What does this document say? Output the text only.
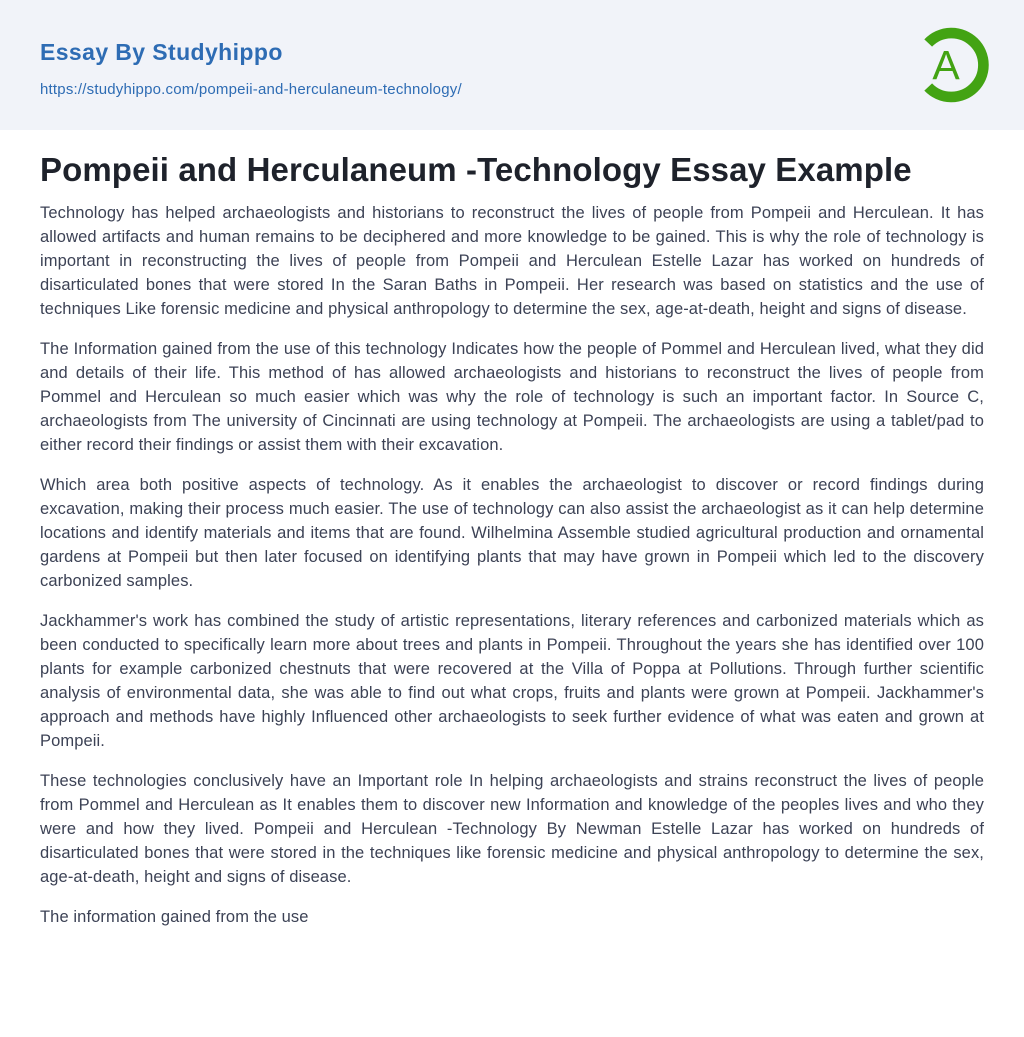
Essay By Studyhippo
https://studyhippo.com/pompeii-and-herculaneum-technology/
A
Pompeii and Herculaneum -Technology Essay Example

Technology has helped archaeologists and historians to reconstruct the lives of people from Pompeii and Herculean. It has allowed artifacts and human remains to be deciphered and more knowledge to be gained. This is why the role of technology is important in reconstructing the lives of people from Pompeii and Herculean Estelle Lazar has worked on hundreds of disarticulated bones that were stored In the Saran Baths in Pompeii. Her research was based on statistics and the use of techniques Like forensic medicine and physical anthropology to determine the sex, age-at-death, height and signs of disease.

The Information gained from the use of this technology Indicates how the people of Pommel and Herculean lived, what they did and details of their life. This method of has allowed archaeologists and historians to reconstruct the lives of people from Pommel and Herculean so much easier which was why the role of technology is such an important factor. In Source C, archaeologists from The university of Cincinnati are using technology at Pompeii. The archaeologists are using a tablet/pad to either record their findings or assist them with their excavation.

Which area both positive aspects of technology. As it enables the archaeologist to discover or record findings during excavation, making their process much easier. The use of technology can also assist the archaeologist as it can help determine locations and identify materials and items that are found. Wilhelmina Assemble studied agricultural production and ornamental gardens at Pompeii but then later focused on identifying plants that may have grown in Pompeii which led to the discovery carbonized samples.

Jackhammer's work has combined the study of artistic representations, literary references and carbonized materials which as been conducted to specifically learn more about trees and plants in Pompeii. Throughout the years she has identified over 100 plants for example carbonized chestnuts that were recovered at the Villa of Poppa at Pollutions. Through further scientific analysis of environmental data, she was able to find out what crops, fruits and plants were grown at Pompeii. Jackhammer's approach and methods have highly Influenced other archaeologists to seek further evidence of what was eaten and grown at Pompeii.

These technologies conclusively have an Important role In helping archaeologists and strains reconstruct the lives of people from Pommel and Herculean as It enables them to discover new Information and knowledge of the peoples lives and who they were and how they lived. Pompeii and Herculean -Technology By Newman Estelle Lazar has worked on hundreds of disarticulated bones that were stored in the techniques like forensic medicine and physical anthropology to determine the sex, age-at-death, height and signs of disease.

The information gained from the use
